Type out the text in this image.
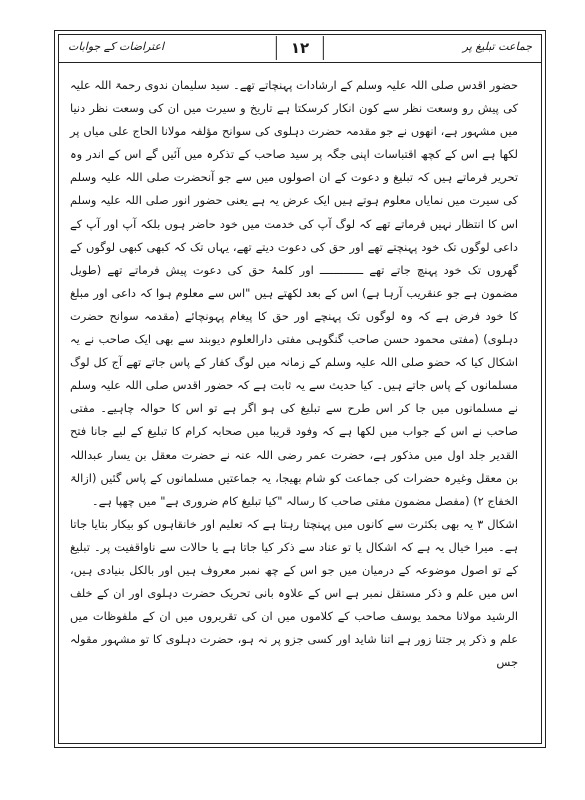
جماعت تبلیغ پر
۱۲
اعتراضات کے جوابات

حضور اقدس صلی اللہ علیہ وسلم کے ارشادات پہنچاتے تھے۔ سید سلیمان ندوی رحمۃ اللہ علیہ کی پیش رو وسعت نظر سے کون انکار کرسکتا ہے تاریخ و سیرت میں ان کی وسعت نظر دنیا میں مشہور ہے، انھوں نے جو مقدمہ حضرت دہلوی کی سوانح مؤلفہ مولانا الحاج علی میاں پر لکھا ہے اس کے کچھ اقتباسات اپنی جگہ پر سید صاحب کے تذکرہ میں آئیں گے اس کے اندر وہ تحریر فرماتے ہیں کہ تبلیغ و دعوت کے ان اصولوں میں سے جو آنحضرت صلی اللہ علیہ وسلم کی سیرت میں نمایاں معلوم ہوتے ہیں ایک عرض یہ ہے یعنی حضور انور صلی اللہ علیہ وسلم اس کا انتظار نہیں فرماتے تھے کہ لوگ آپ کی خدمت میں خود حاضر ہوں بلکہ آپ اور آپ کے داعی لوگوں تک خود پہنچتے تھے اور حق کی دعوت دیتے تھے، یہاں تک کہ کبھی کبھی لوگوں کے گھروں تک خود پہنچ جاتے تھے ـــــــــــــ اور کلمۂ حق کی دعوت پیش فرماتے تھے (طویل مضمون ہے جو عنقریب آرہا ہے) اس کے بعد لکھتے ہیں "اس سے معلوم ہوا کہ داعی اور مبلغ کا خود فرض ہے کہ وہ لوگوں تک پہنچے اور حق کا پیغام پہونچائے (مقدمہ سوانح حضرت دہلوی) (مفتی محمود حسن صاحب گنگوہی مفتی دارالعلوم دیوبند سے بھی ایک صاحب نے یہ اشکال کیا کہ حضو صلی اللہ علیہ وسلم کے زمانہ میں لوگ کفار کے پاس جاتے تھے آج کل لوگ مسلمانوں کے پاس جاتے ہیں۔ کیا حدیث سے یہ ثابت ہے کہ حضور اقدس صلی اللہ علیہ وسلم نے مسلمانوں میں جا کر اس طرح سے تبلیغ کی ہو اگر ہے تو اس کا حوالہ چاہیے۔ مفتی صاحب نے اس کے جواب میں لکھا ہے کہ وفود قریبا میں صحابہ کرام کا تبلیغ کے لیے جانا فتح القدیر جلد اول میں مذکور ہے، حضرت عمر رضی اللہ عنہ نے حضرت معقل بن یسار عبداللہ بن معقل وغیرہ حضرات کی جماعت کو شام بھیجا، یہ جماعتیں مسلمانوں کے پاس گئیں (ازالۃ الخفاج ۲) (مفصل مضمون مفتی صاحب کا رسالہ "کیا تبلیغ کام ضروری ہے" میں چھپا ہے۔

اشکال ۳ یہ بھی بکثرت سے کانوں میں پہنچتا رہتا ہے کہ تعلیم اور خانقاہوں کو بیکار بتایا جاتا ہے۔ میرا خیال یہ ہے کہ اشکال یا تو عناد سے ذکر کیا جاتا ہے یا حالات سے ناواقفیت پر۔ تبلیغ کے تو اصول موضوعہ کے درمیان میں جو اس کے چھ نمبر معروف ہیں اور بالکل بنیادی ہیں، اس میں علم و ذکر مستقل نمبر ہے اس کے علاوہ بانی تحریک حضرت دہلوی اور ان کے خلف الرشید مولانا محمد یوسف صاحب کے کلاموں میں ان کی تقریروں میں ان کے ملفوظات میں علم و ذکر پر جتنا زور ہے اتنا شاید اور کسی جزو پر نہ ہو، حضرت دہلوی کا تو مشہور مقولہ جس
